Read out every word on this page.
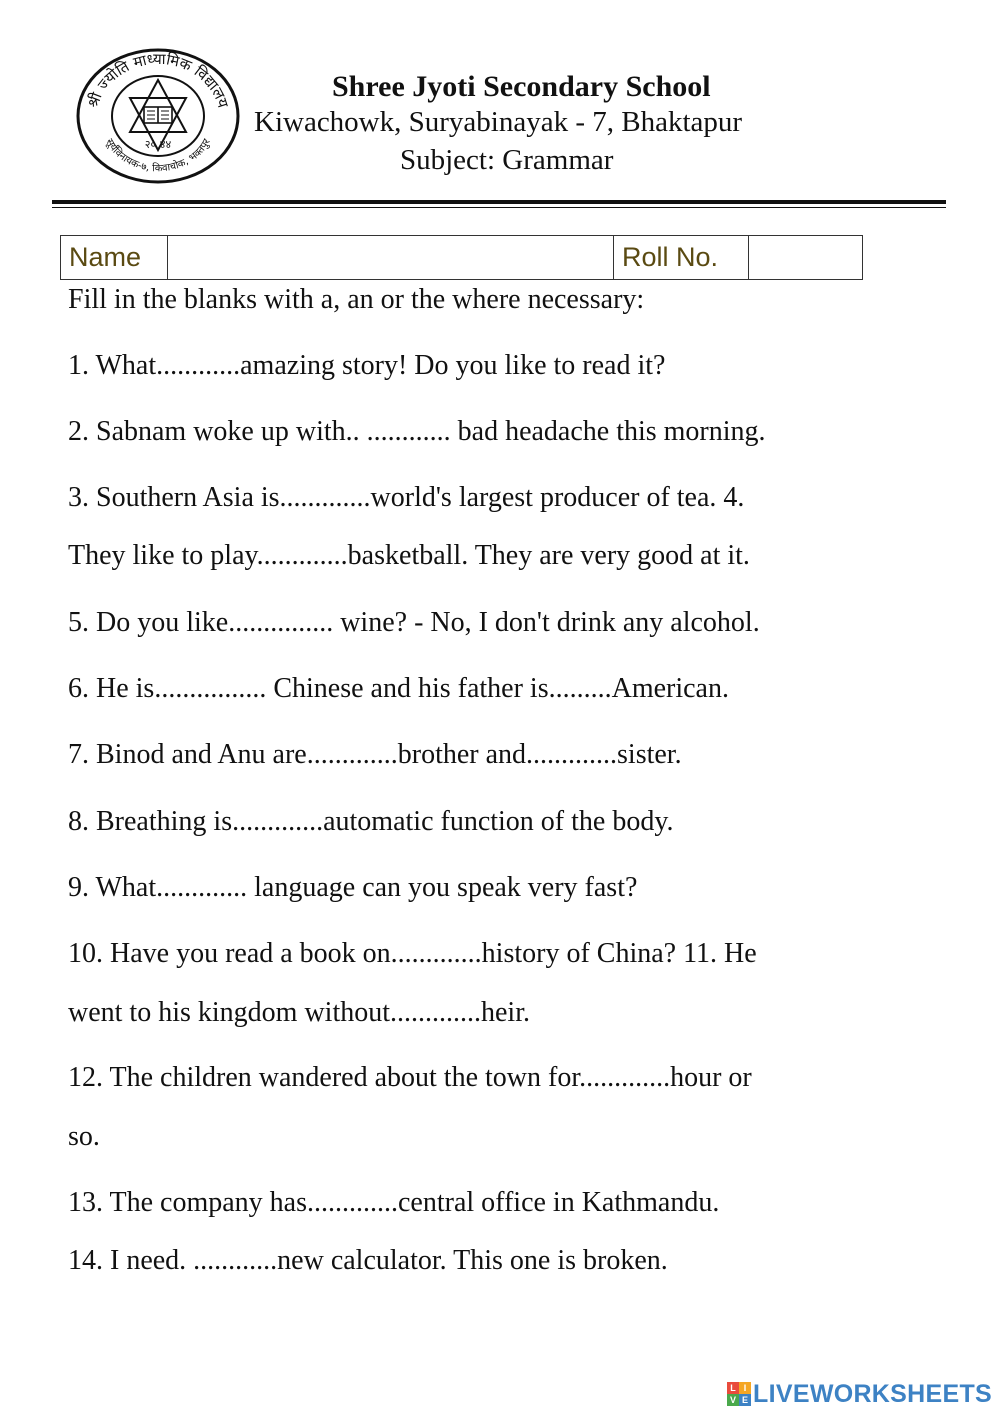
श्री ज्योति माध्यामिक विद्यालय
सूर्यविनायक-७, किवाचोक, भक्तपुर
२० ४४
Shree Jyoti Secondary School
Kiwachowk, Suryabinayak - 7, Bhaktapur
Subject: Grammar
Name		Roll No.	
Fill in the blanks with a, an or the where necessary:
1. What............amazing story! Do you like to read it?
2. Sabnam woke up with.. ............ bad headache this morning.
3. Southern Asia is.............world's largest producer of tea. 4.
They like to play.............basketball. They are very good at it.
5. Do you like............... wine? - No, I don't drink any alcohol.
6. He is................ Chinese and his father is.........American.
7. Binod and Anu are.............brother and.............sister.
8. Breathing is.............automatic function of the body.
9. What............. language can you speak very fast?
10. Have you read a book on.............history of China? 11. He
went to his kingdom without.............heir.
12. The children wandered about the town for.............hour or
so.
13. The company has.............central office in Kathmandu.
14. I need. ............new calculator. This one is broken.
L I
V E LIVEWORKSHEETS
